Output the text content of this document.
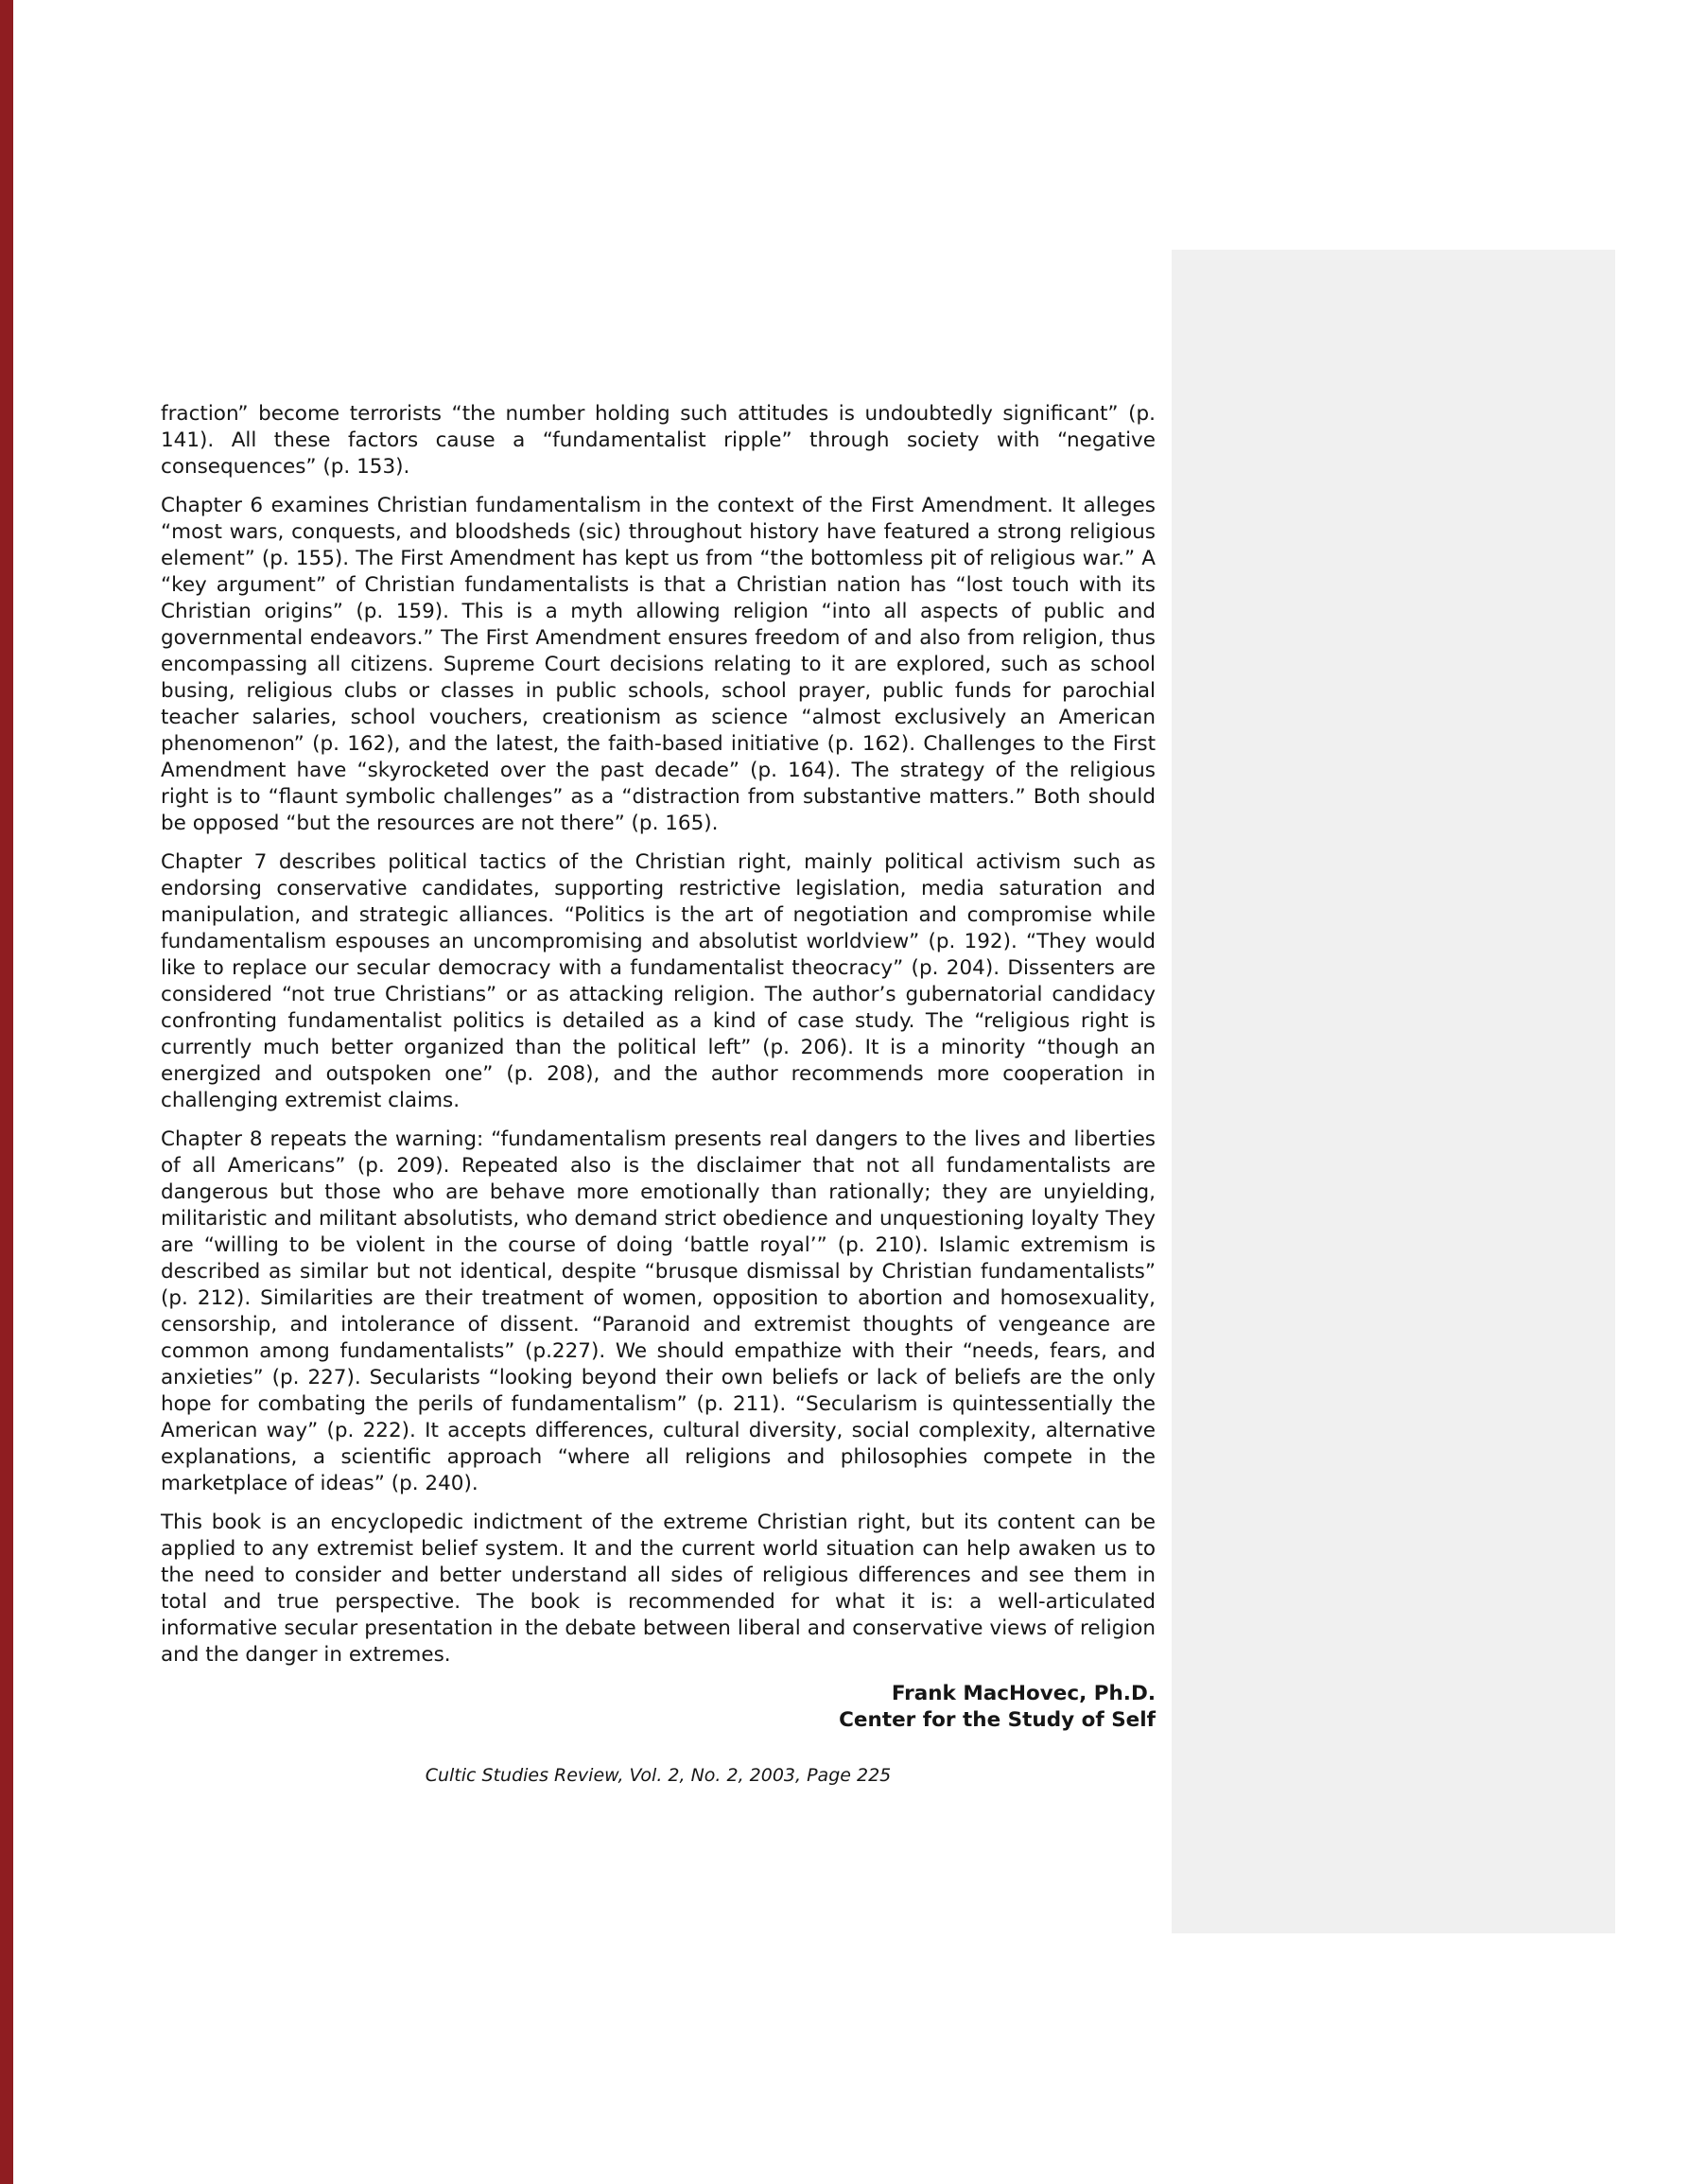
fraction” become terrorists “the number holding such attitudes is undoubtedly significant” (p. 141). All these factors cause a “fundamentalist ripple” through society with “negative consequences” (p. 153).

Chapter 6 examines Christian fundamentalism in the context of the First Amendment. It alleges “most wars, conquests, and bloodsheds (sic) throughout history have featured a strong religious element” (p. 155). The First Amendment has kept us from “the bottomless pit of religious war.” A “key argument” of Christian fundamentalists is that a Christian nation has “lost touch with its Christian origins” (p. 159). This is a myth allowing religion “into all aspects of public and governmental endeavors.” The First Amendment ensures freedom of and also from religion, thus encompassing all citizens. Supreme Court decisions relating to it are explored, such as school busing, religious clubs or classes in public schools, school prayer, public funds for parochial teacher salaries, school vouchers, creationism as science “almost exclusively an American phenomenon” (p. 162), and the latest, the faith-based initiative (p. 162). Challenges to the First Amendment have “skyrocketed over the past decade” (p. 164). The strategy of the religious right is to “flaunt symbolic challenges” as a “distraction from substantive matters.” Both should be opposed “but the resources are not there” (p. 165).

Chapter 7 describes political tactics of the Christian right, mainly political activism such as endorsing conservative candidates, supporting restrictive legislation, media saturation and manipulation, and strategic alliances. “Politics is the art of negotiation and compromise while fundamentalism espouses an uncompromising and absolutist worldview” (p. 192). “They would like to replace our secular democracy with a fundamentalist theocracy” (p. 204). Dissenters are considered “not true Christians” or as attacking religion. The author’s gubernatorial candidacy confronting fundamentalist politics is detailed as a kind of case study. The “religious right is currently much better organized than the political left” (p. 206). It is a minority “though an energized and outspoken one” (p. 208), and the author recommends more cooperation in challenging extremist claims.

Chapter 8 repeats the warning: “fundamentalism presents real dangers to the lives and liberties of all Americans” (p. 209). Repeated also is the disclaimer that not all fundamentalists are dangerous but those who are behave more emotionally than rationally; they are unyielding, militaristic and militant absolutists, who demand strict obedience and unquestioning loyalty They are “willing to be violent in the course of doing ‘battle royal’” (p. 210). Islamic extremism is described as similar but not identical, despite “brusque dismissal by Christian fundamentalists” (p. 212). Similarities are their treatment of women, opposition to abortion and homosexuality, censorship, and intolerance of dissent. “Paranoid and extremist thoughts of vengeance are common among fundamentalists” (p.227). We should empathize with their “needs, fears, and anxieties” (p. 227). Secularists “looking beyond their own beliefs or lack of beliefs are the only hope for combating the perils of fundamentalism” (p. 211). “Secularism is quintessentially the American way” (p. 222). It accepts differences, cultural diversity, social complexity, alternative explanations, a scientific approach “where all religions and philosophies compete in the marketplace of ideas” (p. 240).

This book is an encyclopedic indictment of the extreme Christian right, but its content can be applied to any extremist belief system. It and the current world situation can help awaken us to the need to consider and better understand all sides of religious differences and see them in total and true perspective. The book is recommended for what it is: a well-articulated informative secular presentation in the debate between liberal and conservative views of religion and the danger in extremes.

Frank MacHovec, Ph.D.
Center for the Study of Self
Cultic Studies Review, Vol. 2, No. 2, 2003, Page 225
